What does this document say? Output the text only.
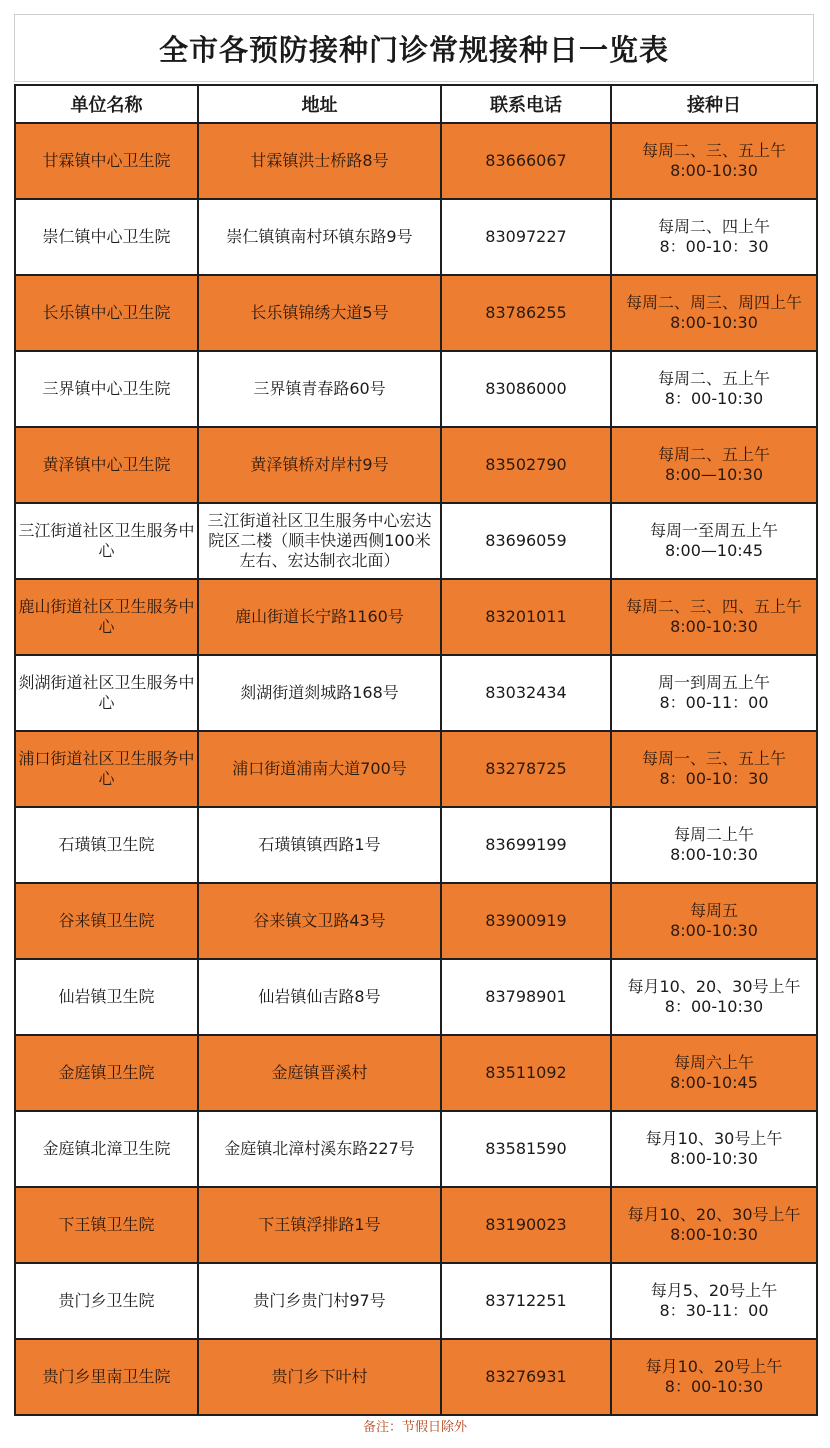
全市各预防接种门诊常规接种日一览表
单位名称	地址	联系电话	接种日
甘霖镇中心卫生院	甘霖镇洪士桥路8号	83666067	每周二、三、五上午
8:00-10:30

崇仁镇中心卫生院	崇仁镇镇南村环镇东路9号	83097227	每周二、四上午
8：00-10：30

长乐镇中心卫生院	长乐镇锦绣大道5号	83786255	每周二、周三、周四上午
8:00-10:30

三界镇中心卫生院	三界镇青春路60号	83086000	每周二、五上午
8：00-10:30

黄泽镇中心卫生院	黄泽镇桥对岸村9号	83502790	每周二、五上午
8:00—10:30

三江街道社区卫生服务中心	三江街道社区卫生服务中心宏达院区二楼（顺丰快递西侧100米左右、宏达制衣北面）	83696059	每周一至周五上午
8:00—10:45

鹿山街道社区卫生服务中心	鹿山街道长宁路1160号	83201011	每周二、三、四、五上午
8:00-10:30

剡湖街道社区卫生服务中心	剡湖街道剡城路168号	83032434	周一到周五上午
8：00-11：00

浦口街道社区卫生服务中心	浦口街道浦南大道700号	83278725	每周一、三、五上午
8：00-10：30

石璜镇卫生院	石璜镇镇西路1号	83699199	每周二上午
8:00-10:30

谷来镇卫生院	谷来镇文卫路43号	83900919	每周五
8:00-10:30

仙岩镇卫生院	仙岩镇仙吉路8号	83798901	每月10、20、30号上午
8：00-10:30

金庭镇卫生院	金庭镇晋溪村	83511092	每周六上午
8:00-10:45

金庭镇北漳卫生院	金庭镇北漳村溪东路227号	83581590	每月10、30号上午
8:00-10:30

下王镇卫生院	下王镇浮排路1号	83190023	每月10、20、30号上午
8:00-10:30

贵门乡卫生院	贵门乡贵门村97号	83712251	每月5、20号上午
8：30-11：00

贵门乡里南卫生院	贵门乡下叶村	83276931	每月10、20号上午
8：00-10:30
备注：节假日除外
